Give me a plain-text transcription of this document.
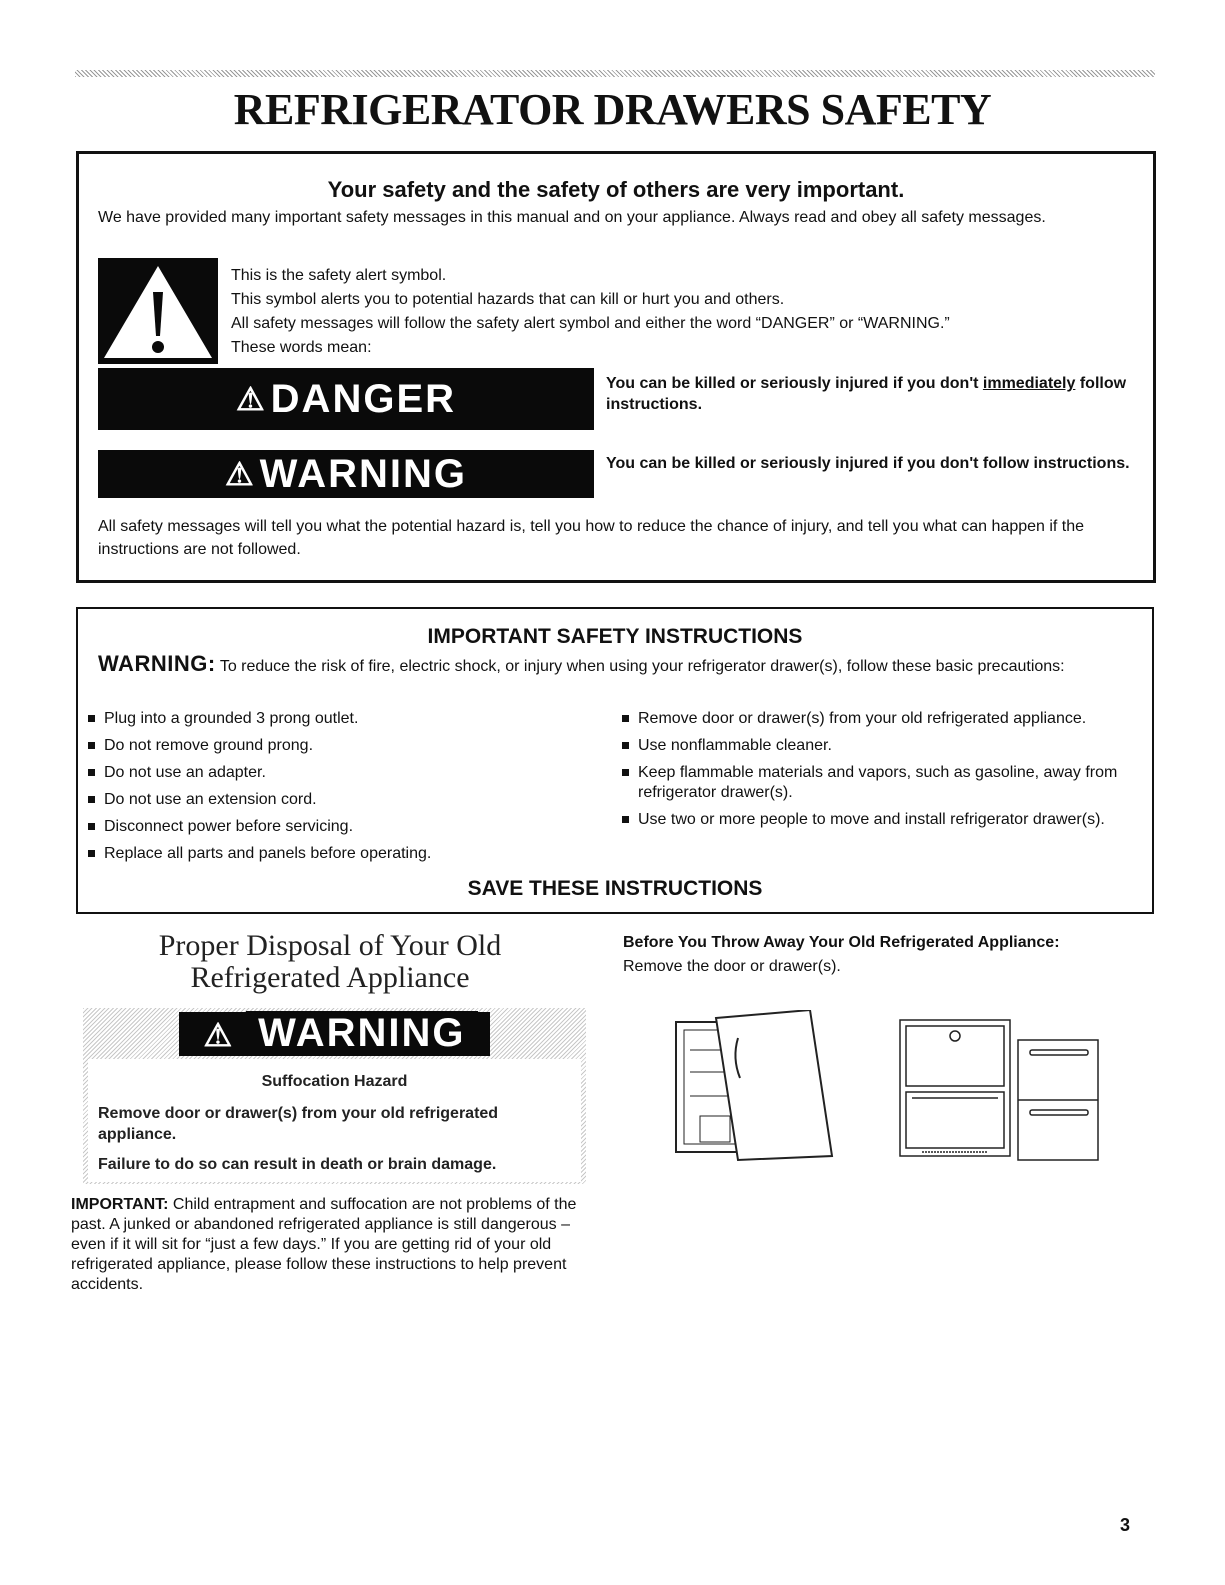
REFRIGERATOR DRAWERS SAFETY
Your safety and the safety of others are very important.
We have provided many important safety messages in this manual and on your appliance. Always read and obey all safety messages.
This is the safety alert symbol.
This symbol alerts you to potential hazards that can kill or hurt you and others.
All safety messages will follow the safety alert symbol and either the word “DANGER” or “WARNING.”
These words mean:
⚠ DANGER	You can be killed or seriously injured if you don't immediately follow instructions.
⚠ WARNING	You can be killed or seriously injured if you don't follow instructions.
All safety messages will tell you what the potential hazard is, tell you how to reduce the chance of injury, and tell you what can happen if the instructions are not followed.
IMPORTANT SAFETY INSTRUCTIONS
WARNING: To reduce the risk of fire, electric shock, or injury when using your refrigerator drawer(s), follow these basic precautions:
Plug into a grounded 3 prong outlet.
Do not remove ground prong.
Do not use an adapter.
Do not use an extension cord.
Disconnect power before servicing.
Replace all parts and panels before operating.
Remove door or drawer(s) from your old refrigerated appliance.
Use nonflammable cleaner.
Keep flammable materials and vapors, such as gasoline, away from refrigerator drawer(s).
Use two or more people to move and install refrigerator drawer(s).
SAVE THESE INSTRUCTIONS
Proper Disposal of Your Old
Refrigerated Appliance
⚠ WARNING
Suffocation Hazard
Remove door or drawer(s) from your old refrigerated appliance.
Failure to do so can result in death or brain damage.
IMPORTANT: Child entrapment and suffocation are not problems of the past. A junked or abandoned refrigerated appliance is still dangerous – even if it will sit for “just a few days.” If you are getting rid of your old refrigerated appliance, please follow these instructions to help prevent accidents.
Before You Throw Away Your Old Refrigerated Appliance:
Remove the door or drawer(s).
3
